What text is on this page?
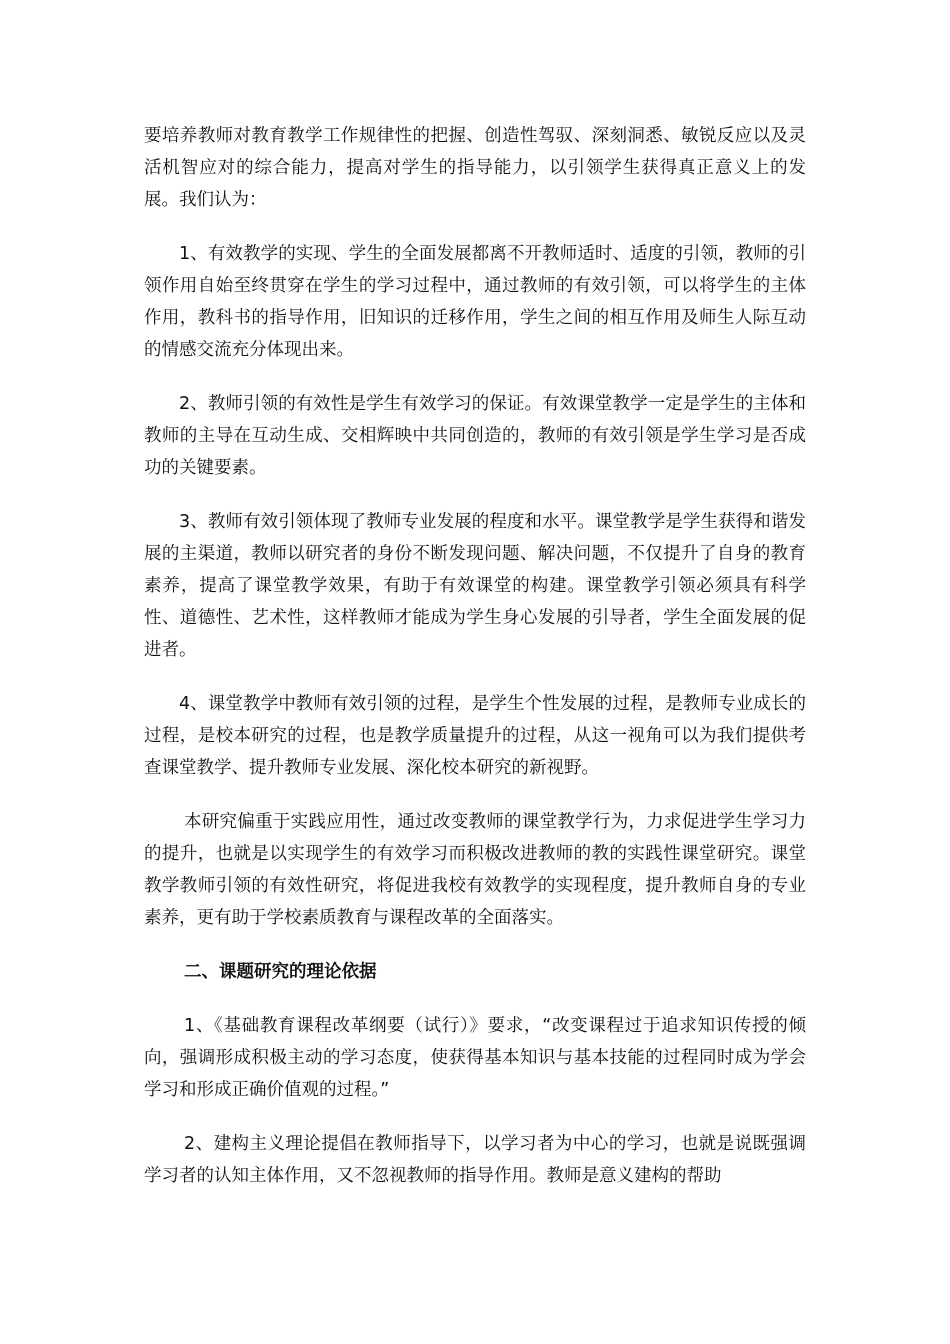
要培养教师对教育教学工作规律性的把握、创造性驾驭、深刻洞悉、敏锐反应以及灵活机智应对的综合能力，提高对学生的指导能力，以引领学生获得真正意义上的发展。我们认为：

1、有效教学的实现、学生的全面发展都离不开教师适时、适度的引领，教师的引领作用自始至终贯穿在学生的学习过程中，通过教师的有效引领，可以将学生的主体作用，教科书的指导作用，旧知识的迁移作用，学生之间的相互作用及师生人际互动的情感交流充分体现出来。

2、教师引领的有效性是学生有效学习的保证。有效课堂教学一定是学生的主体和教师的主导在互动生成、交相辉映中共同创造的，教师的有效引领是学生学习是否成功的关键要素。

3、教师有效引领体现了教师专业发展的程度和水平。课堂教学是学生获得和谐发展的主渠道，教师以研究者的身份不断发现问题、解决问题，不仅提升了自身的教育素养，提高了课堂教学效果，有助于有效课堂的构建。课堂教学引领必须具有科学性、道德性、艺术性，这样教师才能成为学生身心发展的引导者，学生全面发展的促进者。

4、课堂教学中教师有效引领的过程，是学生个性发展的过程，是教师专业成长的过程，是校本研究的过程，也是教学质量提升的过程，从这一视角可以为我们提供考查课堂教学、提升教师专业发展、深化校本研究的新视野。

本研究偏重于实践应用性，通过改变教师的课堂教学行为，力求促进学生学习力的提升，也就是以实现学生的有效学习而积极改进教师的教的实践性课堂研究。课堂教学教师引领的有效性研究，将促进我校有效教学的实现程度，提升教师自身的专业素养，更有助于学校素质教育与课程改革的全面落实。

二、课题研究的理论依据

1、《基础教育课程改革纲要（试行）》要求，“改变课程过于追求知识传授的倾向，强调形成积极主动的学习态度，使获得基本知识与基本技能的过程同时成为学会学习和形成正确价值观的过程。”

2、建构主义理论提倡在教师指导下，以学习者为中心的学习，也就是说既强调学习者的认知主体作用，又不忽视教师的指导作用。教师是意义建构的帮助
